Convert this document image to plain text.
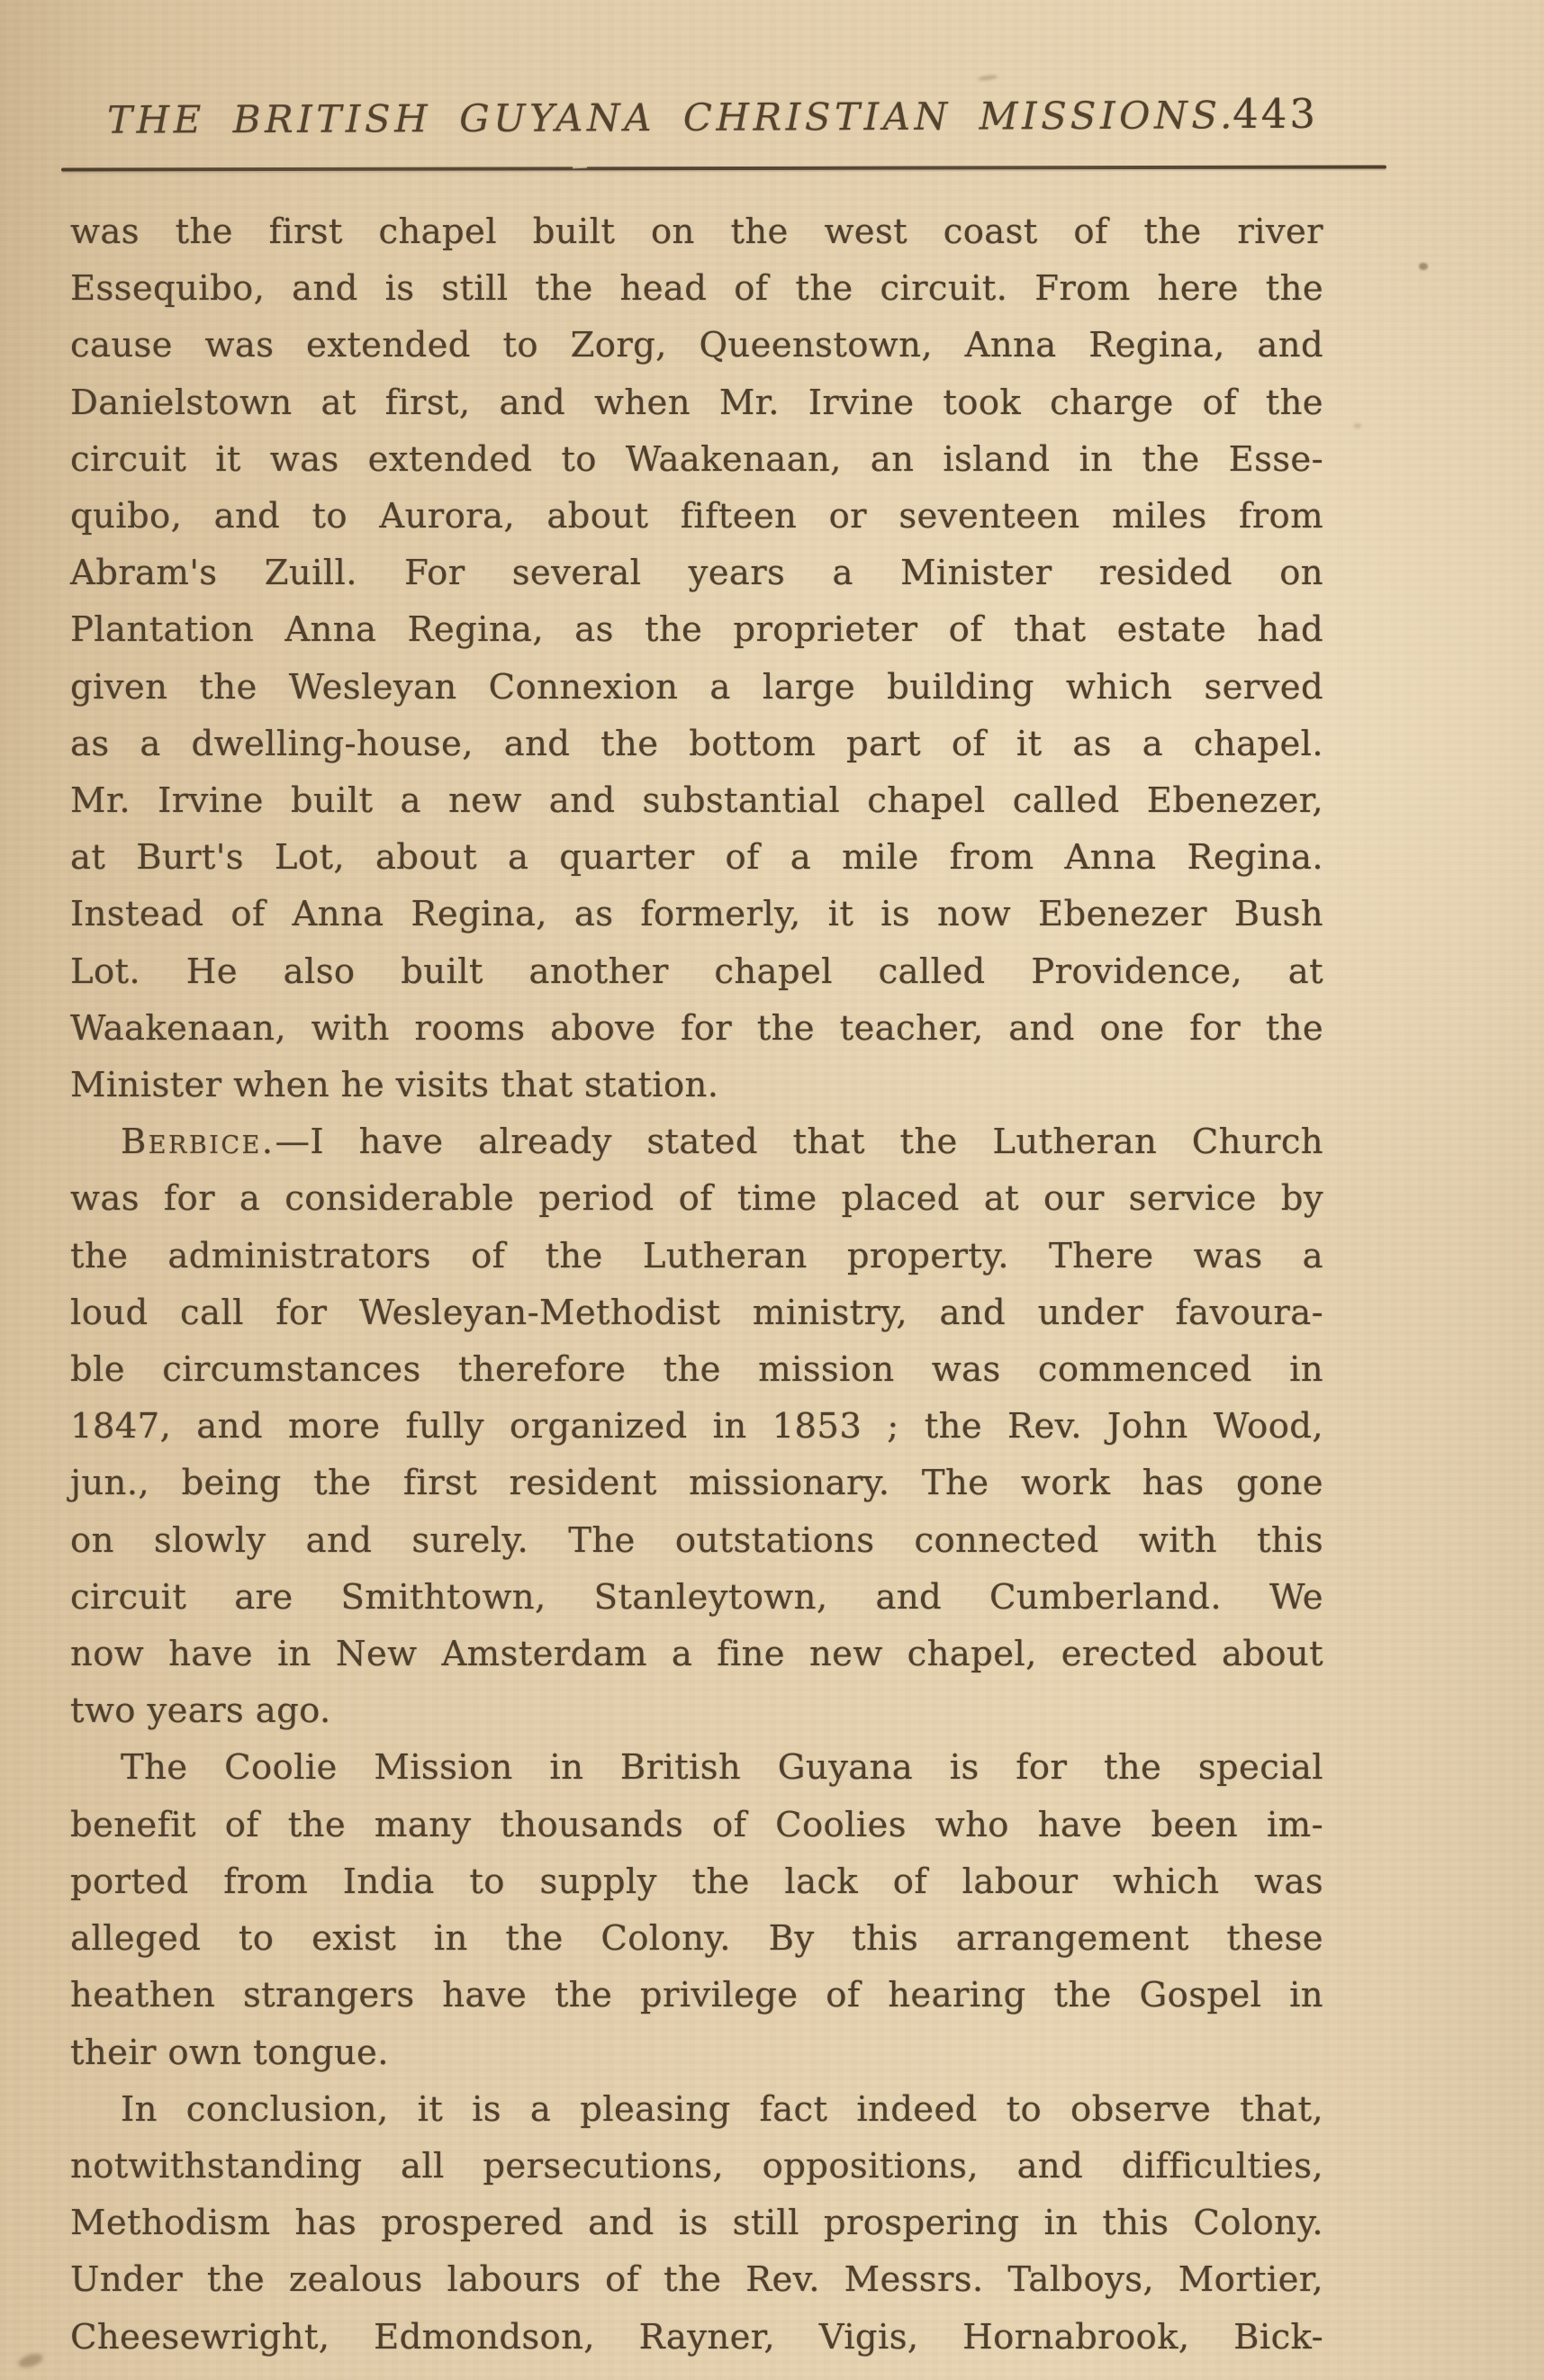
THE BRITISH GUYANA CHRISTIAN MISSIONS.
443
was the first chapel built on the west coast of the river
Essequibo, and is still the head of the circuit. From here the
cause was extended to Zorg, Queenstown, Anna Regina, and
Danielstown at first, and when Mr. Irvine took charge of the
circuit it was extended to Waakenaan, an island in the Esse-
quibo, and to Aurora, about fifteen or seventeen miles from
Abram's Zuill. For several years a Minister resided on
Plantation Anna Regina, as the proprieter of that estate had
given the Wesleyan Connexion a large building which served
as a dwelling-house, and the bottom part of it as a chapel.
Mr. Irvine built a new and substantial chapel called Ebenezer,
at Burt's Lot, about a quarter of a mile from Anna Regina.
Instead of Anna Regina, as formerly, it is now Ebenezer Bush
Lot. He also built another chapel called Providence, at
Waakenaan, with rooms above for the teacher, and one for the
Minister when he visits that station.
Berbice.—I have already stated that the Lutheran Church
was for a considerable period of time placed at our service by
the administrators of the Lutheran property. There was a
loud call for Wesleyan-Methodist ministry, and under favoura-
ble circumstances therefore the mission was commenced in
1847, and more fully organized in 1853 ; the Rev. John Wood,
jun., being the first resident missionary. The work has gone
on slowly and surely. The outstations connected with this
circuit are Smithtown, Stanleytown, and Cumberland. We
now have in New Amsterdam a fine new chapel, erected about
two years ago.
The Coolie Mission in British Guyana is for the special
benefit of the many thousands of Coolies who have been im-
ported from India to supply the lack of labour which was
alleged to exist in the Colony. By this arrangement these
heathen strangers have the privilege of hearing the Gospel in
their own tongue.
In conclusion, it is a pleasing fact indeed to observe that,
notwithstanding all persecutions, oppositions, and difficulties,
Methodism has prospered and is still prospering in this Colony.
Under the zealous labours of the Rev. Messrs. Talboys, Mortier,
Cheesewright, Edmondson, Rayner, Vigis, Hornabrook, Bick-
